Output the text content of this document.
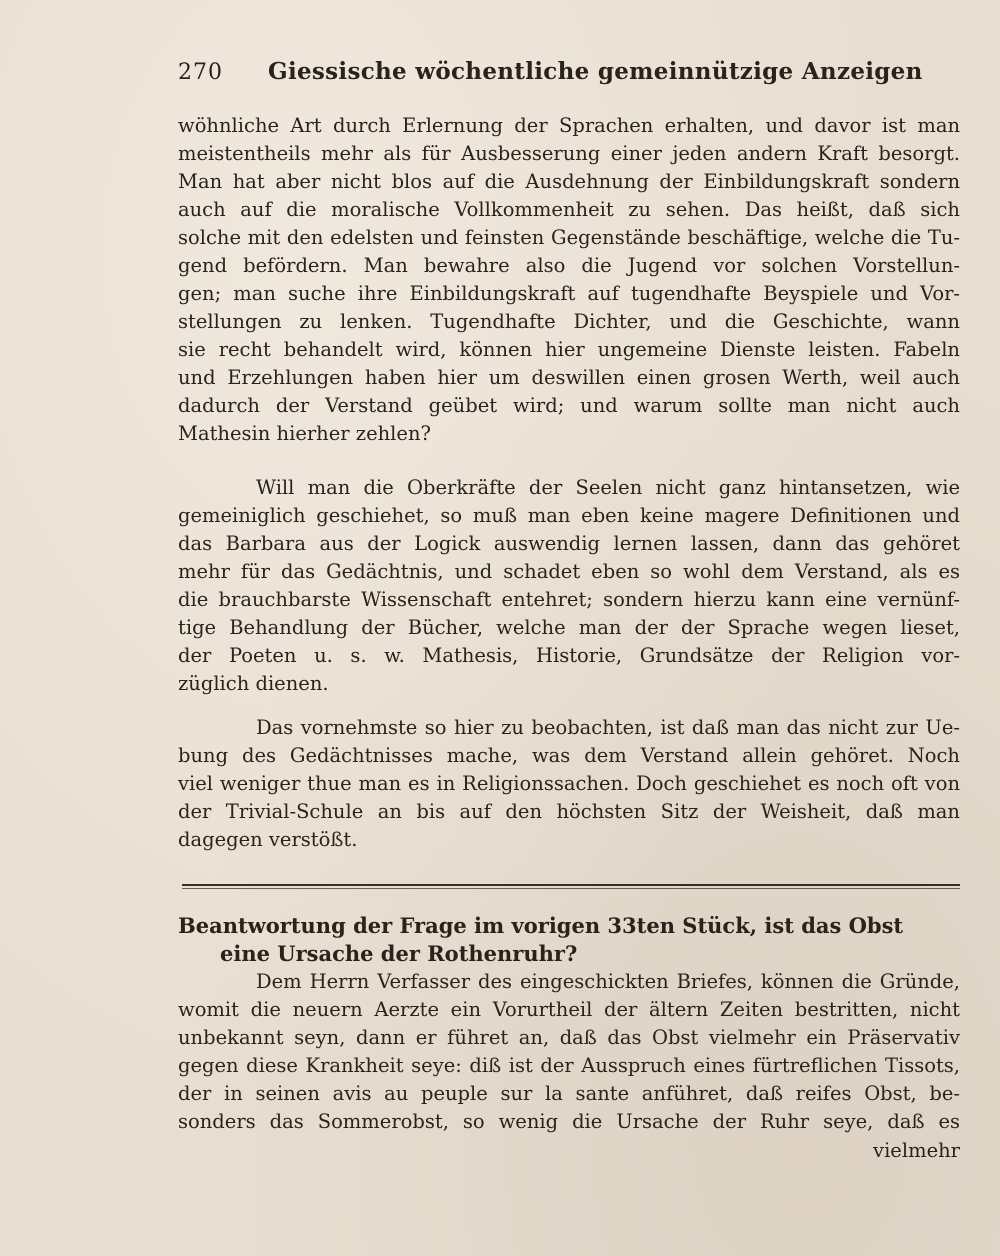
270	Giessische wöchentliche gemeinnützige Anzeigen
wöhnliche Art durch Erlernung der Sprachen erhalten, und davor ist man
meistentheils mehr als für Ausbesserung einer jeden andern Kraft besorgt.
Man hat aber nicht blos auf die Ausdehnung der Einbildungskraft sondern
auch auf die moralische Vollkommenheit zu sehen. Das heißt, daß sich
solche mit den edelsten und feinsten Gegenstände beschäftige, welche die Tu-
gend befördern. Man bewahre also die Jugend vor solchen Vorstellun-
gen; man suche ihre Einbildungskraft auf tugendhafte Beyspiele und Vor-
stellungen zu lenken. Tugendhafte Dichter, und die Geschichte, wann
sie recht behandelt wird, können hier ungemeine Dienste leisten. Fabeln
und Erzehlungen haben hier um deswillen einen grosen Werth, weil auch
dadurch der Verstand geübet wird; und warum sollte man nicht auch
Mathesin hierher zehlen?
Will man die Oberkräfte der Seelen nicht ganz hintansetzen, wie
gemeiniglich geschiehet, so muß man eben keine magere Definitionen und
das Barbara aus der Logick auswendig lernen lassen, dann das gehöret
mehr für das Gedächtnis, und schadet eben so wohl dem Verstand, als es
die brauchbarste Wissenschaft entehret; sondern hierzu kann eine vernünf-
tige Behandlung der Bücher, welche man der der Sprache wegen lieset,
der Poeten u. s. w. Mathesis, Historie, Grundsätze der Religion vor-
züglich dienen.
Das vornehmste so hier zu beobachten, ist daß man das nicht zur Ue-
bung des Gedächtnisses mache, was dem Verstand allein gehöret. Noch
viel weniger thue man es in Religionssachen. Doch geschiehet es noch oft von
der Trivial-Schule an bis auf den höchsten Sitz der Weisheit, daß man
dagegen verstößt.
Beantwortung der Frage im vorigen 33ten Stück, ist das Obst
eine Ursache der Rothenruhr?
Dem Herrn Verfasser des eingeschickten Briefes, können die Gründe,
womit die neuern Aerzte ein Vorurtheil der ältern Zeiten bestritten, nicht
unbekannt seyn, dann er führet an, daß das Obst vielmehr ein Präservativ
gegen diese Krankheit seye: diß ist der Ausspruch eines fürtreflichen Tissots,
der in seinen avis au peuple sur la sante anführet, daß reifes Obst, be-
sonders das Sommerobst, so wenig die Ursache der Ruhr seye, daß es
vielmehr
